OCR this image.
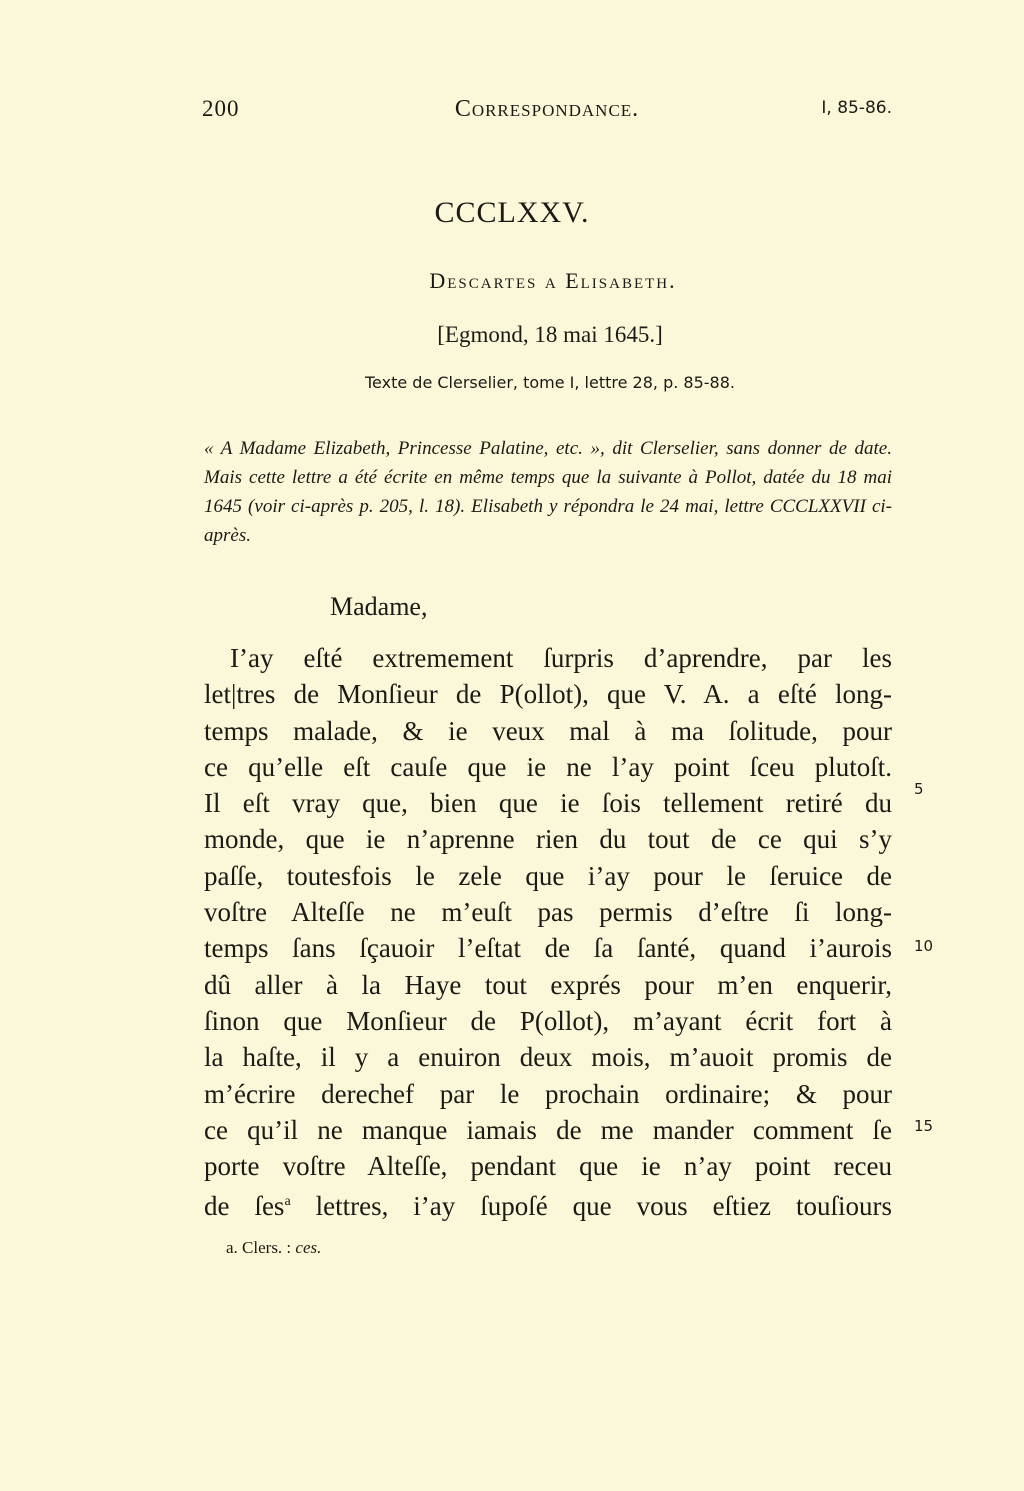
200	Correspondance.	I, 85-86.
CCCLXXV.
Descartes a Elisabeth.
[Egmond, 18 mai 1645.]
Texte de Clerselier, tome I, lettre 28, p. 85-88.
« A Madame Elizabeth, Princesse Palatine, etc. », dit Clerselier, sans donner de date. Mais cette lettre a été écrite en même temps que la suivante à Pollot, datée du 18 mai 1645 (voir ci-après p. 205, l. 18). Elisabeth y répondra le 24 mai, lettre CCCLXXVII ci-après.
Madame,
I’ay eſté extremement ſurpris d’aprendre, par les
let|tres de Monſieur de P(ollot), que V. A. a eſté long-
temps malade, & ie veux mal à ma ſolitude, pour
ce qu’elle eſt cauſe que ie ne l’ay point ſceu plutoſt.
Il eſt vray que, bien que ie ſois tellement retiré du
monde, que ie n’aprenne rien du tout de ce qui s’y
paſſe, toutesfois le zele que i’ay pour le ſeruice de
voſtre Alteſſe ne m’euſt pas permis d’eſtre ſi long-
temps ſans ſçauoir l’eſtat de ſa ſanté, quand i’aurois
dû aller à la Haye tout exprés pour m’en enquerir,
ſinon que Monſieur de P(ollot), m’ayant écrit fort à
la haſte, il y a enuiron deux mois, m’auoit promis de
m’écrire derechef par le prochain ordinaire; & pour
ce qu’il ne manque iamais de me mander comment ſe
porte voſtre Alteſſe, pendant que ie n’ay point receu
de ſes$^a$ lettres, i’ay ſupoſé que vous eſtiez touſiours
5
10
15
a. Clers. : ces.
